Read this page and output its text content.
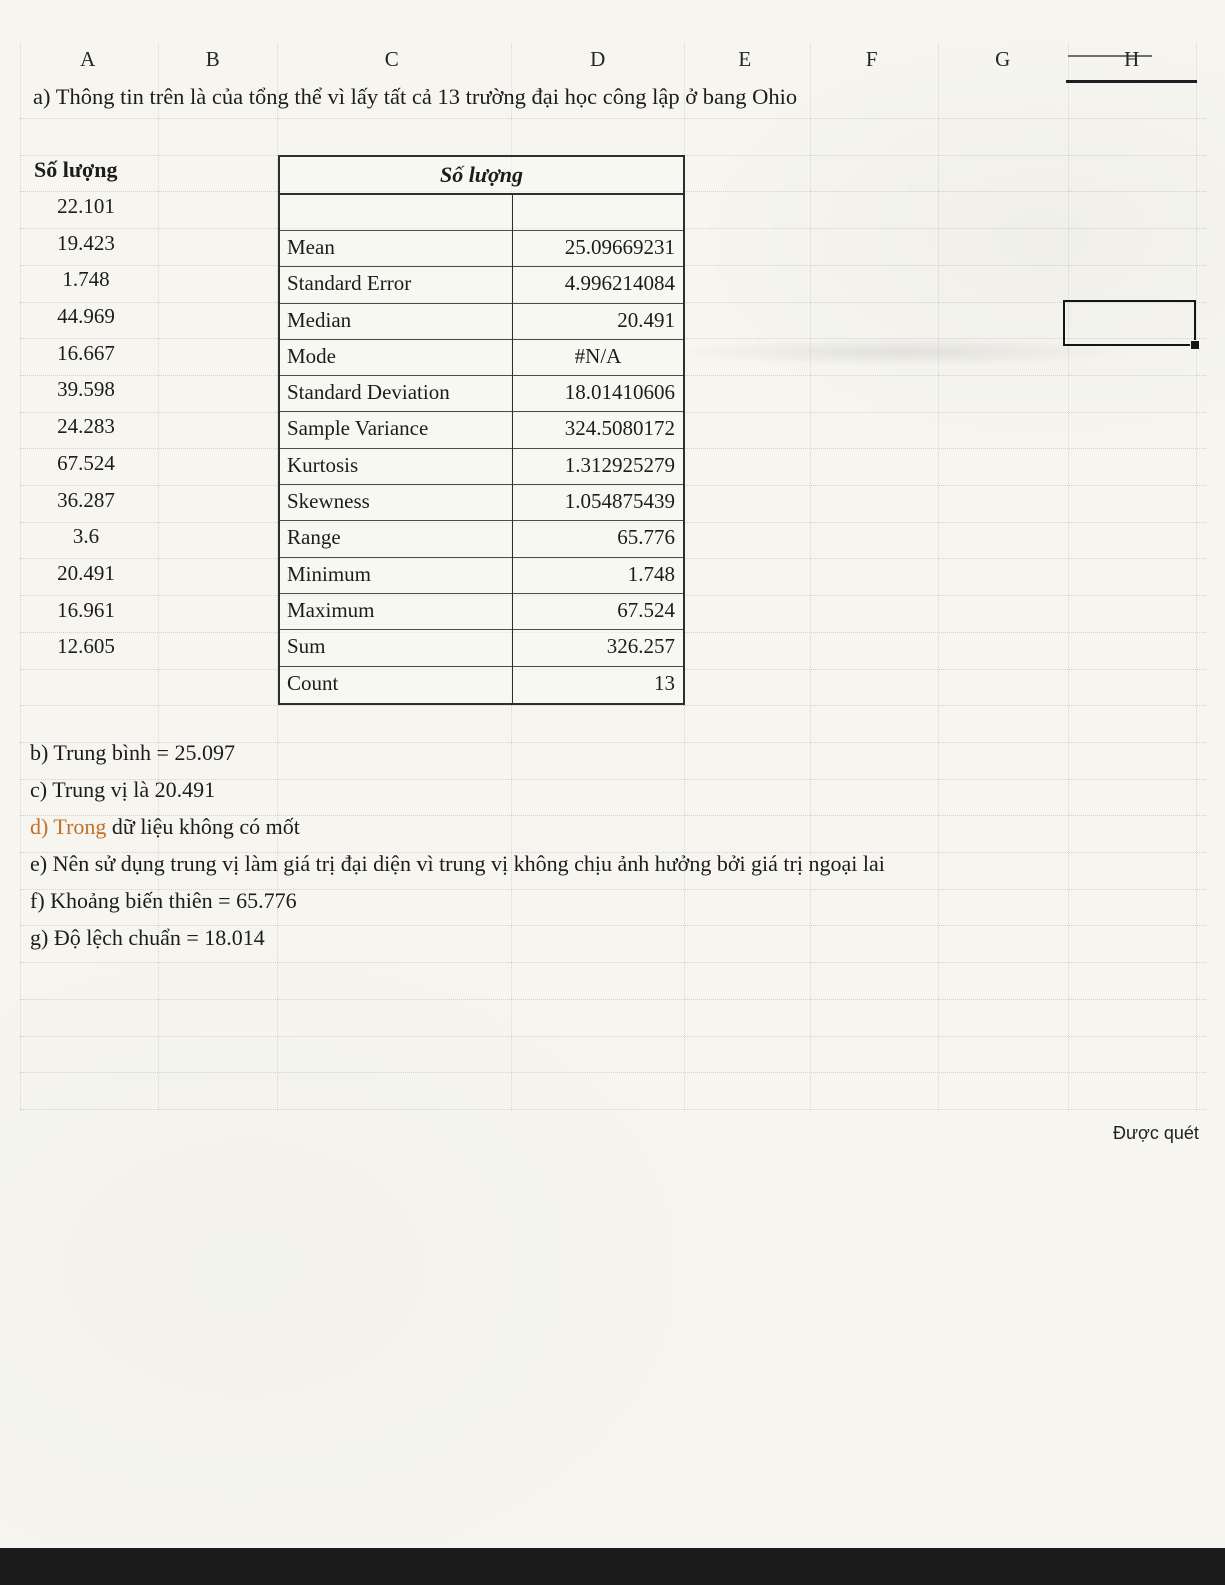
A	B	C	D	E	F	G	H
a) Thông tin trên là của tổng thể vì lấy tất cả 13 trường đại học công lập ở bang Ohio
Số lượng
22.101
19.423
1.748
44.969
16.667
39.598
24.283
67.524
36.287
3.6
20.491
16.961
12.605
Số lượng
Mean	25.09669231
Standard Error	4.996214084
Median	20.491
Mode	#N/A
Standard Deviation	18.01410606
Sample Variance	324.5080172
Kurtosis	1.312925279
Skewness	1.054875439
Range	65.776
Minimum	1.748
Maximum	67.524
Sum	326.257
Count	13
b) Trung bình = 25.097
c) Trung vị là 20.491
d) Trong dữ liệu không có mốt
e) Nên sử dụng trung vị làm giá trị đại diện vì trung vị không chịu ảnh hưởng bởi giá trị ngoại lai
f) Khoảng biến thiên = 65.776
g) Độ lệch chuẩn = 18.014
Được quét
